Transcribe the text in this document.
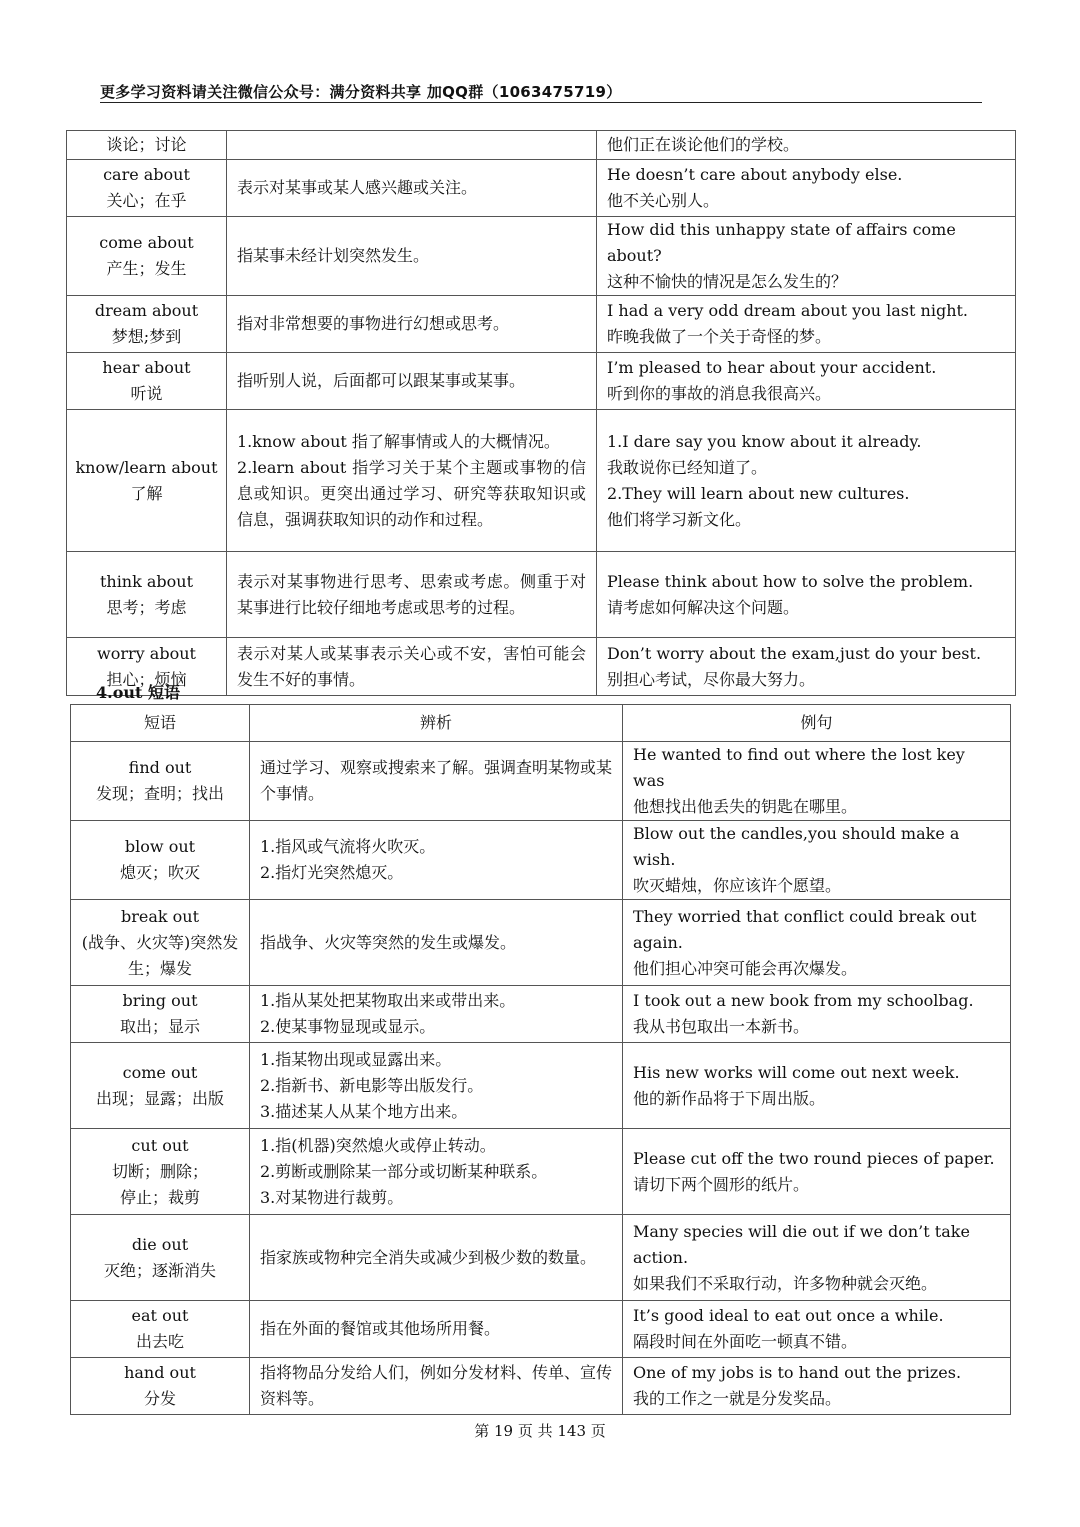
更多学习资料请关注微信公众号：满分资料共享 加QQ群（1063475719）
谈论；讨论		他们正在谈论他们的学校。

care about
关心；在乎	表示对某事或某人感兴趣或关注。	He doesn’t care about anybody else.
他不关心别人。

come about
产生；发生	指某事未经计划突然发生。	How did this unhappy state of affairs come about?
这种不愉快的情况是怎么发生的？

dream about
梦想;梦到	指对非常想要的事物进行幻想或思考。	I had a very odd dream about you last night.
昨晚我做了一个关于奇怪的梦。

hear about
听说	指听别人说，后面都可以跟某事或某事。	I’m pleased to hear about your accident.
听到你的事故的消息我很高兴。

know/learn about
了解	1.know about 指了解事情或人的大概情况。
2.learn about 指学习关于某个主题或事物的信息或知识。更突出通过学习、研究等获取知识或信息，强调获取知识的动作和过程。	1.I dare say you know about it already.
我敢说你已经知道了。
2.They will learn about new cultures.
他们将学习新文化。

think about
思考；考虑	表示对某事物进行思考、思索或考虑。侧重于对某事进行比较仔细地考虑或思考的过程。	Please think about how to solve the problem.
请考虑如何解决这个问题。

worry about
担心；烦恼	表示对某人或某事表示关心或不安，害怕可能会发生不好的事情。	Don’t worry about the exam,just do your best.
别担心考试，尽你最大努力。
4.out 短语
短语	辨析	例句

find out
发现；查明；找出	通过学习、观察或搜索来了解。强调查明某物或某个事情。	He wanted to find out where the lost key was
他想找出他丢失的钥匙在哪里。

blow out
熄灭；吹灭	1.指风或气流将火吹灭。
2.指灯光突然熄灭。	Blow out the candles,you should make a wish.
吹灭蜡烛，你应该许个愿望。

break out
(战争、火灾等)突然发生；爆发	指战争、火灾等突然的发生或爆发。	They worried that conflict could break out again.
他们担心冲突可能会再次爆发。

bring out
取出；显示	1.指从某处把某物取出来或带出来。
2.使某事物显现或显示。	I took out a new book from my schoolbag.
我从书包取出一本新书。

come out
出现；显露；出版	1.指某物出现或显露出来。
2.指新书、新电影等出版发行。
3.描述某人从某个地方出来。	His new works will come out next week.
他的新作品将于下周出版。

cut out
切断；删除；
停止；裁剪	1.指(机器)突然熄火或停止转动。
2.剪断或删除某一部分或切断某种联系。
3.对某物进行裁剪。	Please cut off the two round pieces of paper.
请切下两个圆形的纸片。

die out
灭绝；逐渐消失	指家族或物种完全消失或减少到极少数的数量。	Many species will die out if we don’t take action.
如果我们不采取行动，许多物种就会灭绝。

eat out
出去吃	指在外面的餐馆或其他场所用餐。	It’s good ideal to eat out once a while.
隔段时间在外面吃一顿真不错。

hand out
分发	指将物品分发给人们，例如分发材料、传单、宣传资料等。	One of my jobs is to hand out the prizes.
我的工作之一就是分发奖品。
第 19 页 共 143 页
